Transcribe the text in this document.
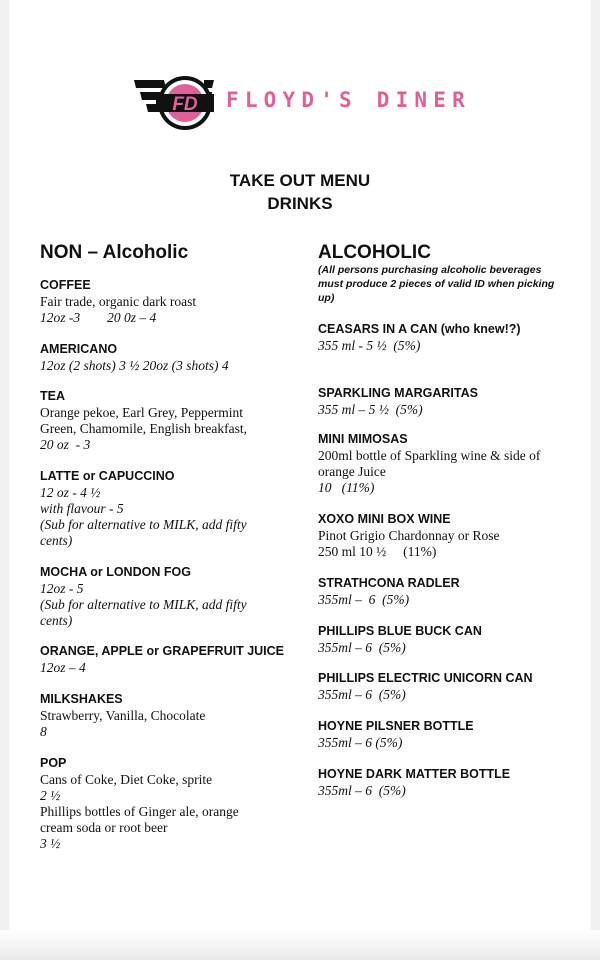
FD FLOYD'S DINER
TAKE OUT MENU
DRINKS
NON – Alcoholic	ALCOHOLIC
(All persons purchasing alcoholic beverages
must produce 2 pieces of valid ID when picking
up)
COFFEE
Fair trade, organic dark roast
12oz -3        20 0z – 4
AMERICANO
12oz (2 shots) 3 ½ 20oz (3 shots) 4
TEA
Orange pekoe, Earl Grey, Peppermint
Green, Chamomile, English breakfast,
20 oz  - 3
LATTE or CAPUCCINO
12 oz - 4 ½
with flavour - 5
(Sub for alternative to MILK, add fifty
cents)
MOCHA or LONDON FOG
12oz - 5
(Sub for alternative to MILK, add fifty
cents)
ORANGE, APPLE or GRAPEFRUIT JUICE
12oz – 4
MILKSHAKES
Strawberry, Vanilla, Chocolate
8
POP
Cans of Coke, Diet Coke, sprite
2 ½
Phillips bottles of Ginger ale, orange
cream soda or root beer
3 ½
CEASARS IN A CAN (who knew!?)
355 ml - 5 ½  (5%)
SPARKLING MARGARITAS
355 ml – 5 ½  (5%)
MINI MIMOSAS
200ml bottle of Sparkling wine & side of
orange Juice
10   (11%)
XOXO MINI BOX WINE
Pinot Grigio Chardonnay or Rose
250 ml 10 ½     (11%)
STRATHCONA RADLER
355ml –  6  (5%)
PHILLIPS BLUE BUCK CAN
355ml – 6  (5%)
PHILLIPS ELECTRIC UNICORN CAN
355ml – 6  (5%)
HOYNE PILSNER BOTTLE
355ml – 6 (5%)
HOYNE DARK MATTER BOTTLE
355ml – 6  (5%)
